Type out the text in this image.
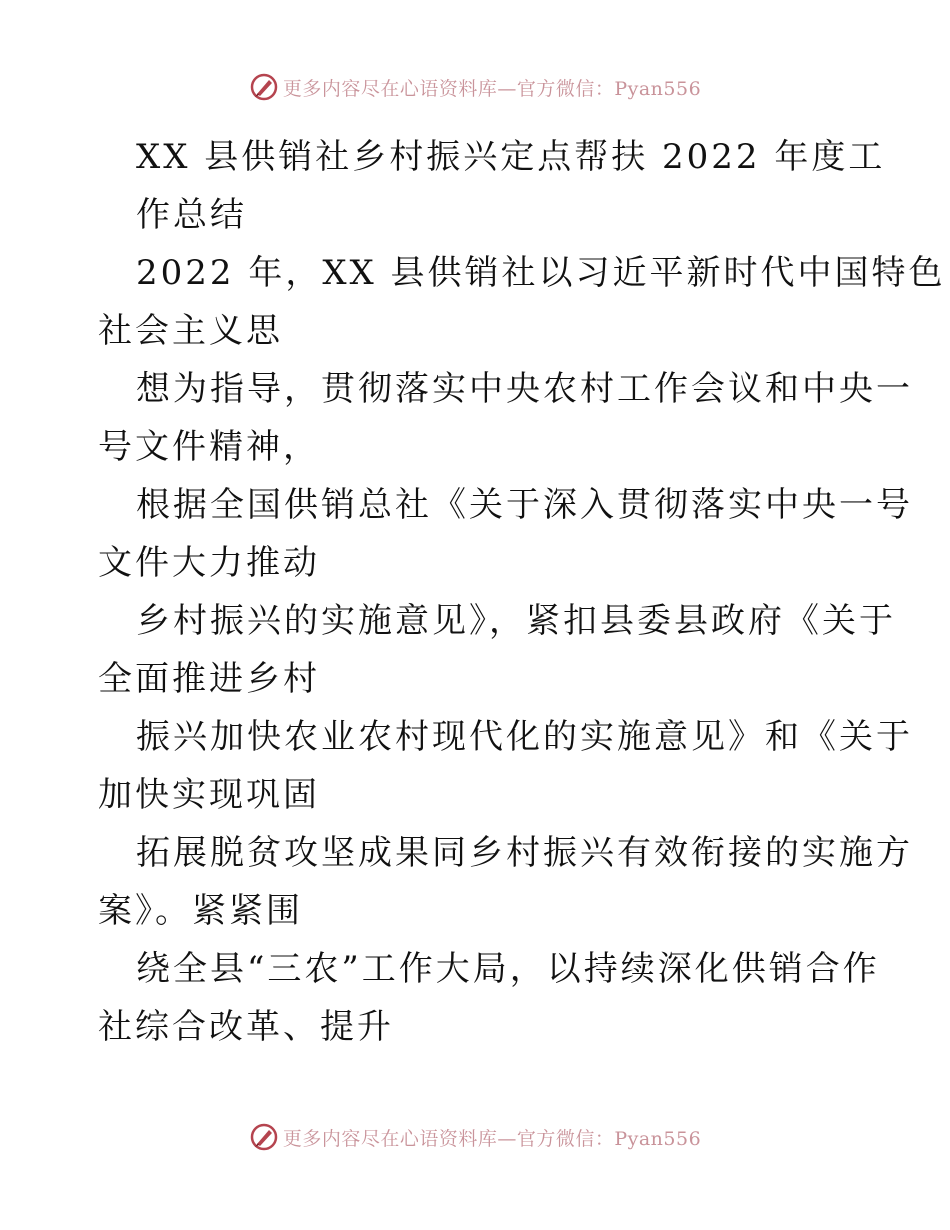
更多内容尽在心语资料库—官方微信：Pyan556
XX 县供销社乡村振兴定点帮扶 2022 年度工
作总结
2022 年，XX 县供销社以习近平新时代中国特色
社会主义思
想为指导，贯彻落实中央农村工作会议和中央一
号文件精神，
根据全国供销总社《关于深入贯彻落实中央一号
文件大力推动
乡村振兴的实施意见》，紧扣县委县政府《关于
全面推进乡村
振兴加快农业农村现代化的实施意见》和《关于
加快实现巩固
拓展脱贫攻坚成果同乡村振兴有效衔接的实施方
案》。紧紧围
绕全县“三农”工作大局，以持续深化供销合作
社综合改革、提升
更多内容尽在心语资料库—官方微信：Pyan556
